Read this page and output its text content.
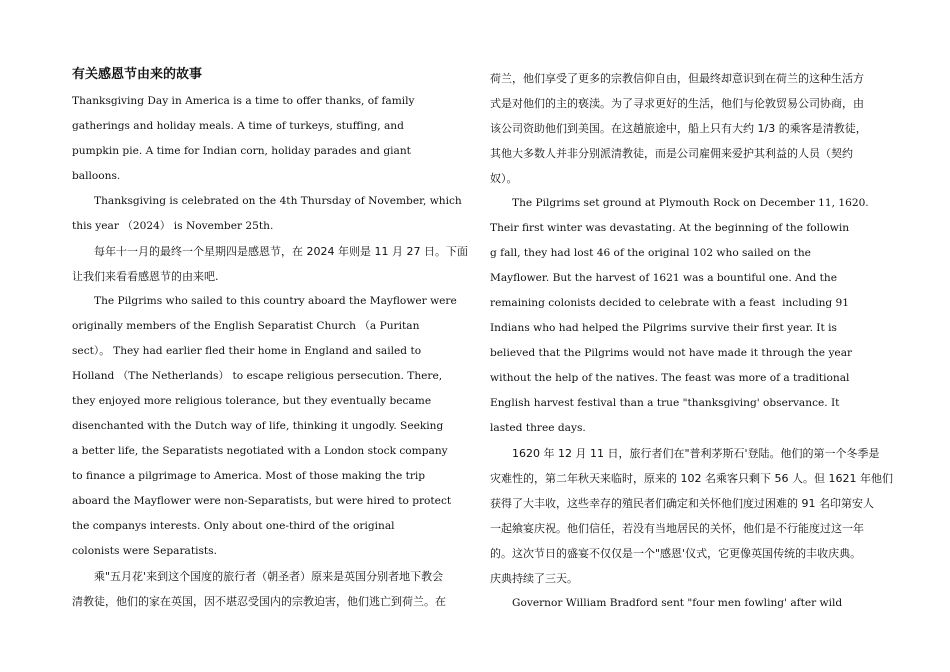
有关感恩节由来的故事
Thanksgiving Day in America is a time to offer thanks, of family
gatherings and holiday meals. A time of turkeys, stuffing, and
pumpkin pie. A time for Indian corn, holiday parades and giant
balloons.
Thanksgiving is celebrated on the 4th Thursday of November, which
this year （2024） is November 25th.
每年十一月的最终一个星期四是感恩节，在 2024 年则是 11 月 27 日。下面
让我们来看看感恩节的由来吧.
The Pilgrims who sailed to this country aboard the Mayflower were
originally members of the English Separatist Church （a Puritan
sect）。 They had earlier fled their home in England and sailed to
Holland （The Netherlands） to escape religious persecution. There,
they enjoyed more religious tolerance, but they eventually became
disenchanted with the Dutch way of life, thinking it ungodly. Seeking
a better life, the Separatists negotiated with a London stock company
to finance a pilgrimage to America. Most of those making the trip
aboard the Mayflower were non-Separatists, but were hired to protect
the companys interests. Only about one-third of the original
colonists were Separatists.
乘"五月花'来到这个国度的旅行者（朝圣者）原来是英国分别者地下教会
清教徒，他们的家在英国，因不堪忍受国内的宗教迫害，他们逃亡到荷兰。在
荷兰，他们享受了更多的宗教信仰自由，但最终却意识到在荷兰的这种生活方
式是对他们的主的亵渎。为了寻求更好的生活，他们与伦敦贸易公司协商，由
该公司资助他们到美国。在这趟旅途中，船上只有大约 1/3 的乘客是清教徒，
其他大多数人并非分别派清教徒，而是公司雇佣来爱护其利益的人员（契约
奴）。
The Pilgrims set ground at Plymouth Rock on December 11, 1620.
Their first winter was devastating. At the beginning of the followin
g fall, they had lost 46 of the original 102 who sailed on the
Mayflower. But the harvest of 1621 was a bountiful one. And the
remaining colonists decided to celebrate with a feast  including 91
Indians who had helped the Pilgrims survive their first year. It is
believed that the Pilgrims would not have made it through the year
without the help of the natives. The feast was more of a traditional
English harvest festival than a true "thanksgiving' observance. It
lasted three days.
1620 年 12 月 11 日，旅行者们在"普利茅斯石'登陆。他们的第一个冬季是
灾难性的，第二年秋天来临时，原来的 102 名乘客只剩下 56 人。但 1621 年他们
获得了大丰收，这些幸存的殖民者们确定和关怀他们度过困难的 91 名印第安人
一起飨宴庆祝。他们信任，若没有当地居民的关怀，他们是不行能度过这一年
的。这次节日的盛宴不仅仅是一个"感恩'仪式，它更像英国传统的丰收庆典。
庆典持续了三天。
Governor William Bradford sent "four men fowling' after wild
